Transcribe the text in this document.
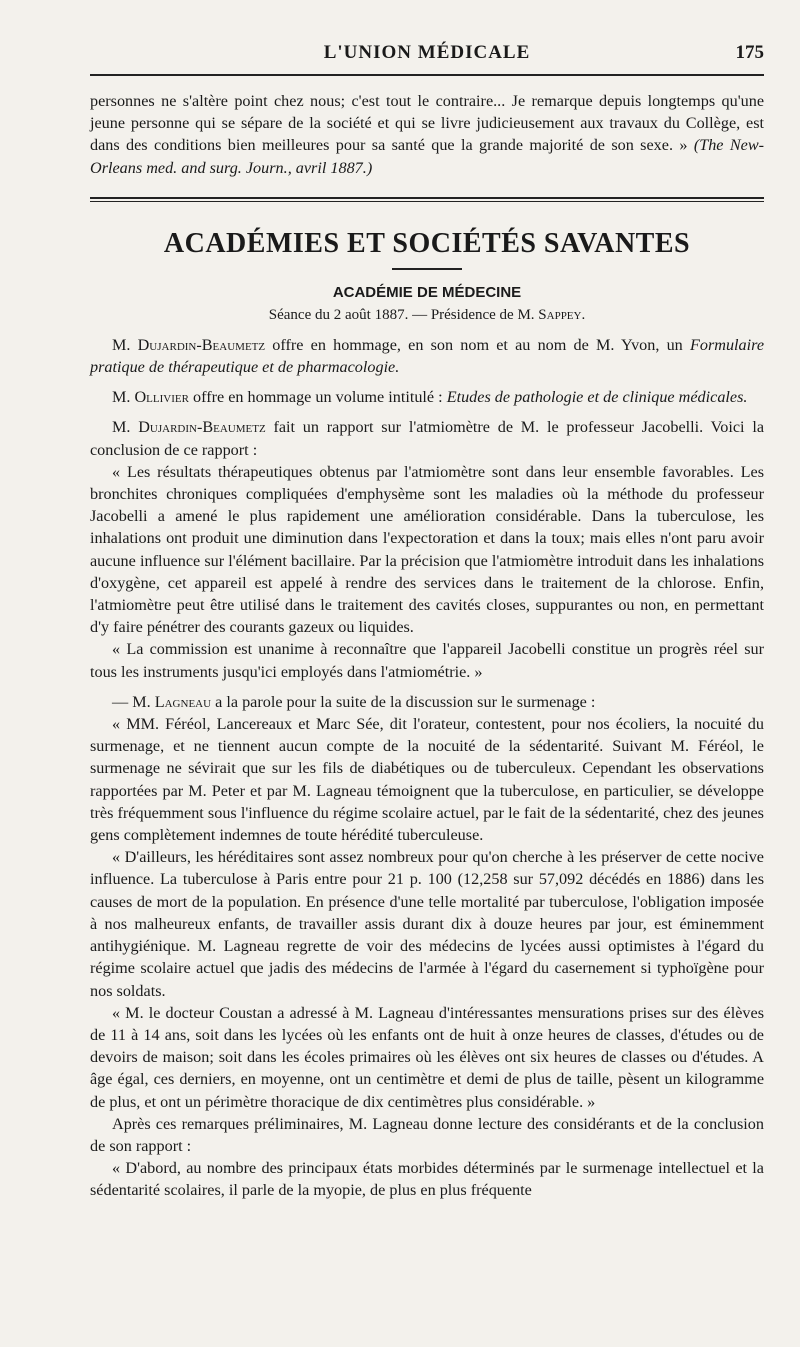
L'UNION MÉDICALE	175

personnes ne s'altère point chez nous; c'est tout le contraire... Je remarque depuis longtemps qu'une jeune personne qui se sépare de la société et qui se livre judicieusement aux travaux du Collège, est dans des conditions bien meilleures pour sa santé que la grande majorité de son sexe. » (The New-Orleans med. and surg. Journ., avril 1887.)

ACADÉMIES ET SOCIÉTÉS SAVANTES
ACADÉMIE DE MÉDECINE

Séance du 2 août 1887. — Présidence de M. Sappey.

M. Dujardin-Beaumetz offre en hommage, en son nom et au nom de M. Yvon, un Formulaire pratique de thérapeutique et de pharmacologie.

M. Ollivier offre en hommage un volume intitulé : Etudes de pathologie et de clinique médicales.

M. Dujardin-Beaumetz fait un rapport sur l'atmiomètre de M. le professeur Jacobelli. Voici la conclusion de ce rapport :

« Les résultats thérapeutiques obtenus par l'atmiomètre sont dans leur ensemble favorables. Les bronchites chroniques compliquées d'emphysème sont les maladies où la méthode du professeur Jacobelli a amené le plus rapidement une amélioration considérable. Dans la tuberculose, les inhalations ont produit une diminution dans l'expectoration et dans la toux; mais elles n'ont paru avoir aucune influence sur l'élément bacillaire. Par la précision que l'atmiomètre introduit dans les inhalations d'oxygène, cet appareil est appelé à rendre des services dans le traitement de la chlorose. Enfin, l'atmiomètre peut être utilisé dans le traitement des cavités closes, suppurantes ou non, en permettant d'y faire pénétrer des courants gazeux ou liquides.

« La commission est unanime à reconnaître que l'appareil Jacobelli constitue un progrès réel sur tous les instruments jusqu'ici employés dans l'atmiométrie. »

— M. Lagneau a la parole pour la suite de la discussion sur le surmenage :

« MM. Féréol, Lancereaux et Marc Sée, dit l'orateur, contestent, pour nos écoliers, la nocuité du surmenage, et ne tiennent aucun compte de la nocuité de la sédentarité. Suivant M. Féréol, le surmenage ne sévirait que sur les fils de diabétiques ou de tuberculeux. Cependant les observations rapportées par M. Peter et par M. Lagneau témoignent que la tuberculose, en particulier, se développe très fréquemment sous l'influence du régime scolaire actuel, par le fait de la sédentarité, chez des jeunes gens complètement indemnes de toute hérédité tuberculeuse.

« D'ailleurs, les héréditaires sont assez nombreux pour qu'on cherche à les préserver de cette nocive influence. La tuberculose à Paris entre pour 21 p. 100 (12,258 sur 57,092 décédés en 1886) dans les causes de mort de la population. En présence d'une telle mortalité par tuberculose, l'obligation imposée à nos malheureux enfants, de travailler assis durant dix à douze heures par jour, est éminemment antihygiénique. M. Lagneau regrette de voir des médecins de lycées aussi optimistes à l'égard du régime scolaire actuel que jadis des médecins de l'armée à l'égard du casernement si typhoïgène pour nos soldats.

« M. le docteur Coustan a adressé à M. Lagneau d'intéressantes mensurations prises sur des élèves de 11 à 14 ans, soit dans les lycées où les enfants ont de huit à onze heures de classes, d'études ou de devoirs de maison; soit dans les écoles primaires où les élèves ont six heures de classes ou d'études. A âge égal, ces derniers, en moyenne, ont un centimètre et demi de plus de taille, pèsent un kilogramme de plus, et ont un périmètre thoracique de dix centimètres plus considérable. »

Après ces remarques préliminaires, M. Lagneau donne lecture des considérants et de la conclusion de son rapport :

« D'abord, au nombre des principaux états morbides déterminés par le surmenage intellectuel et la sédentarité scolaires, il parle de la myopie, de plus en plus fréquente
